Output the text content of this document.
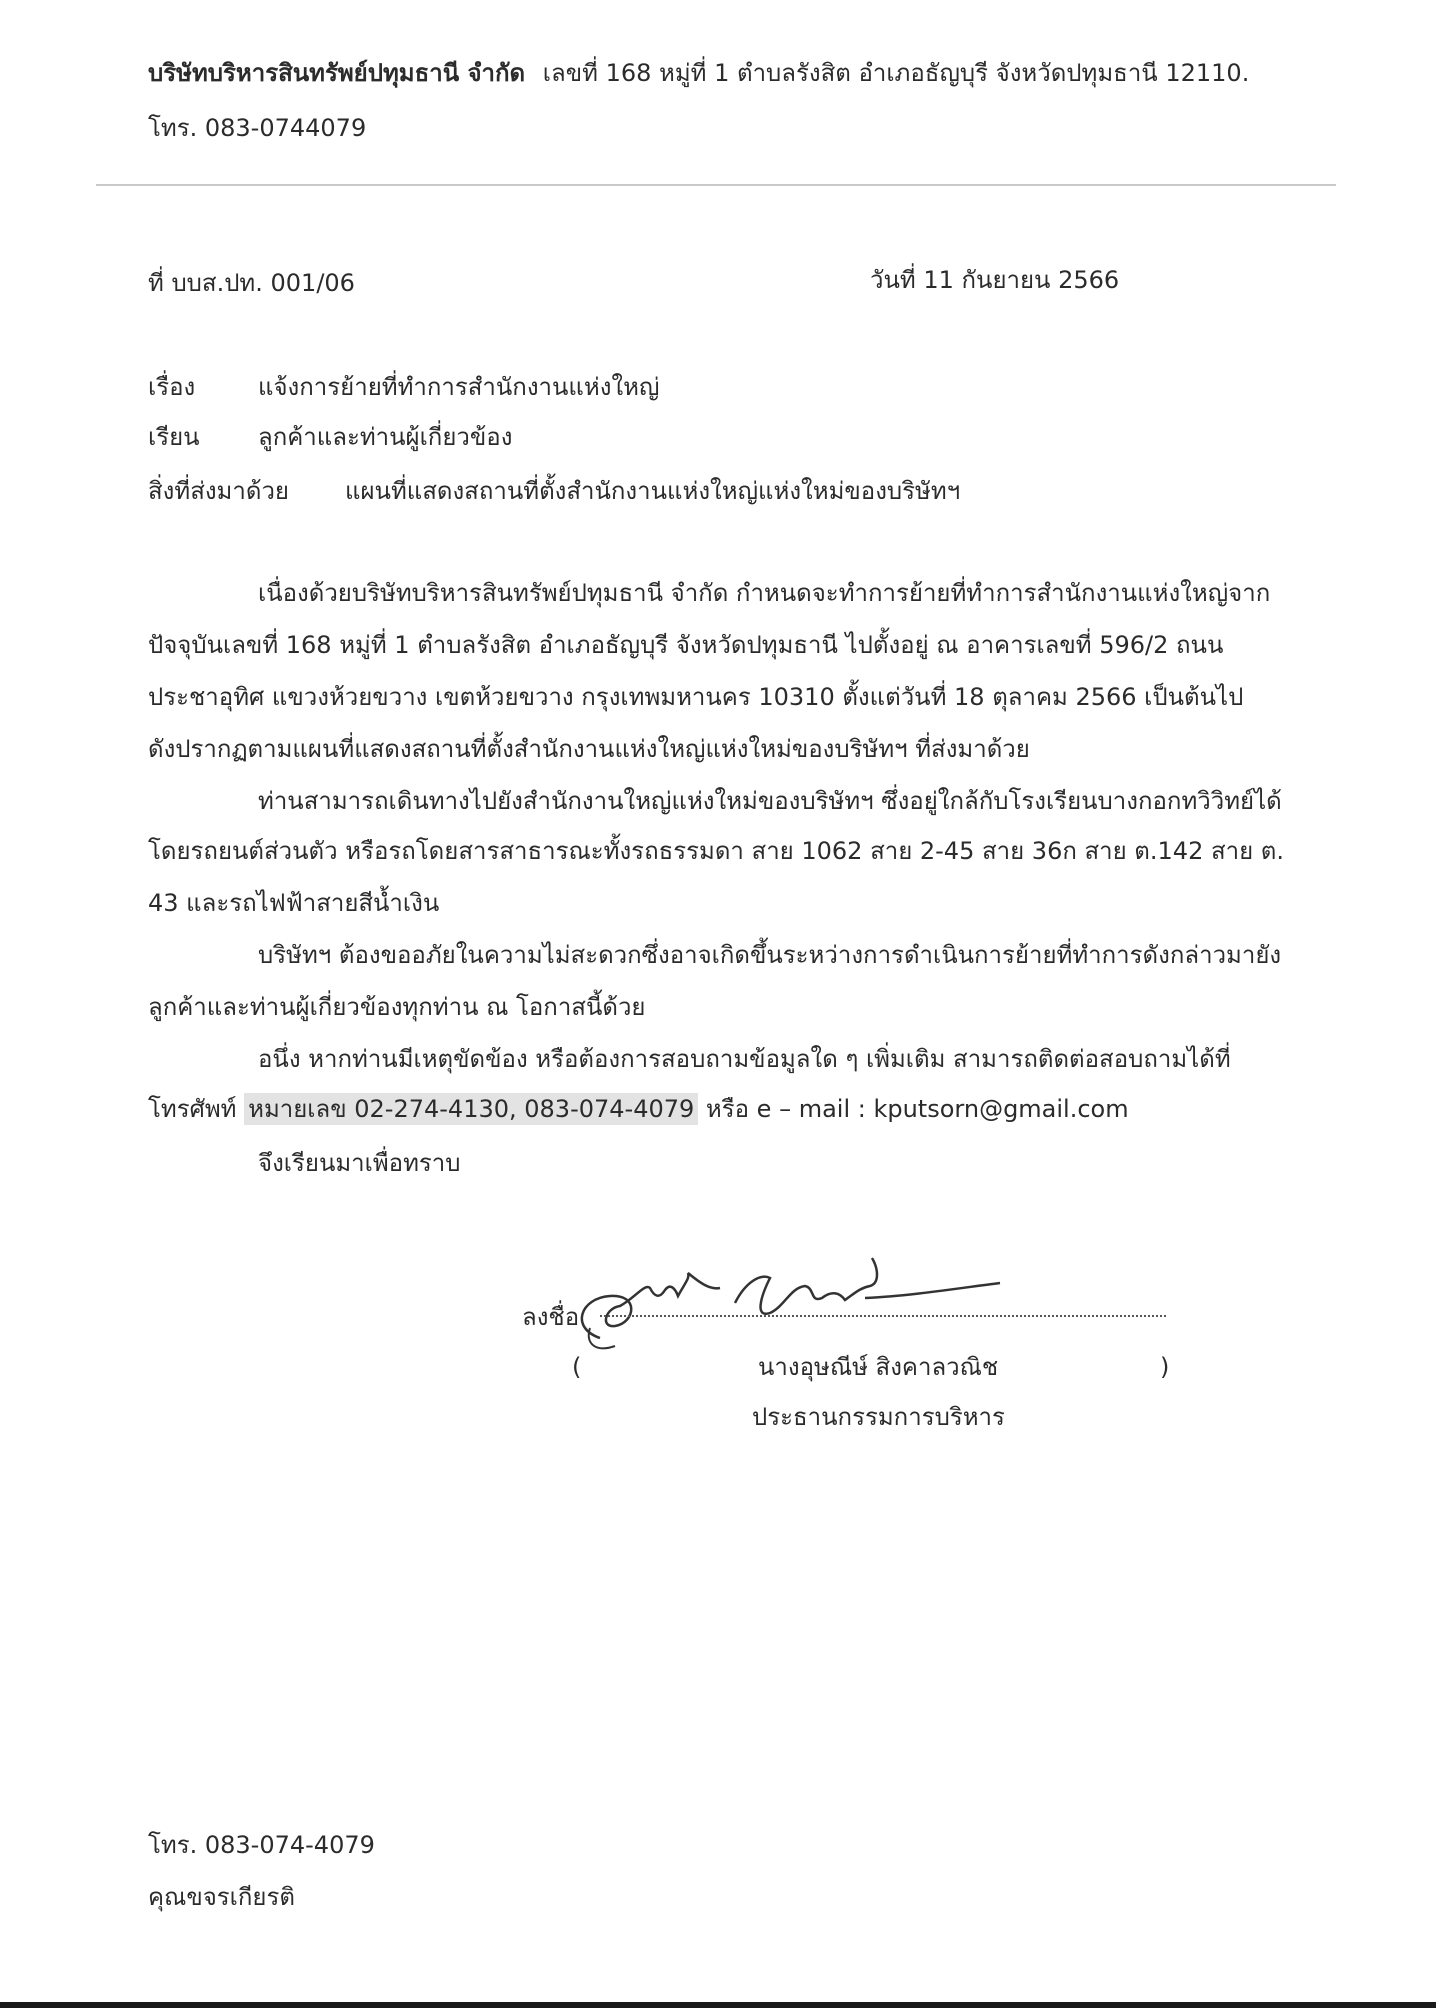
บริษัทบริหารสินทรัพย์ปทุมธานี จำกัด เลขที่ 168 หมู่ที่ 1 ตำบลรังสิต อำเภอธัญบุรี จังหวัดปทุมธานี 12110.
โทร. 083-0744079
ที่ บบส.ปท. 001/06	วันที่ 11 กันยายน 2566
เรื่อง	แจ้งการย้ายที่ทำการสำนักงานแห่งใหญ่
เรียน ลูกค้าและท่านผู้เกี่ยวข้อง
สิ่งที่ส่งมาด้วย แผนที่แสดงสถานที่ตั้งสำนักงานแห่งใหญ่แห่งใหม่ของบริษัทฯ
เนื่องด้วยบริษัทบริหารสินทรัพย์ปทุมธานี จำกัด กำหนดจะทำการย้ายที่ทำการสำนักงานแห่งใหญ่จาก
ปัจจุบันเลขที่ 168 หมู่ที่ 1 ตำบลรังสิต อำเภอธัญบุรี จังหวัดปทุมธานี ไปตั้งอยู่ ณ อาคารเลขที่ 596/2 ถนน
ประชาอุทิศ แขวงห้วยขวาง เขตห้วยขวาง กรุงเทพมหานคร 10310 ตั้งแต่วันที่ 18 ตุลาคม 2566 เป็นต้นไป
ดังปรากฏตามแผนที่แสดงสถานที่ตั้งสำนักงานแห่งใหญ่แห่งใหม่ของบริษัทฯ ที่ส่งมาด้วย
ท่านสามารถเดินทางไปยังสำนักงานใหญ่แห่งใหม่ของบริษัทฯ ซึ่งอยู่ใกล้กับโรงเรียนบางกอกทวิวิทย์ได้
โดยรถยนต์ส่วนตัว หรือรถโดยสารสาธารณะทั้งรถธรรมดา สาย 1062 สาย 2-45 สาย 36ก สาย ต.142 สาย ต.
43 และรถไฟฟ้าสายสีน้ำเงิน
บริษัทฯ ต้องขออภัยในความไม่สะดวกซึ่งอาจเกิดขึ้นระหว่างการดำเนินการย้ายที่ทำการดังกล่าวมายัง
ลูกค้าและท่านผู้เกี่ยวข้องทุกท่าน ณ โอกาสนี้ด้วย
อนึ่ง หากท่านมีเหตุขัดข้อง หรือต้องการสอบถามข้อมูลใด ๆ เพิ่มเติม สามารถติดต่อสอบถามได้ที่
โทรศัพท์ หมายเลข 02-274-4130, 083-074-4079 หรือ e – mail : kputsorn@gmail.com
จึงเรียนมาเพื่อทราบ
ลงชื่อ
(	นางอุษณีษ์ สิงคาลวณิช	)
ประธานกรรมการบริหาร
โทร. 083-074-4079
คุณขจรเกียรติ
